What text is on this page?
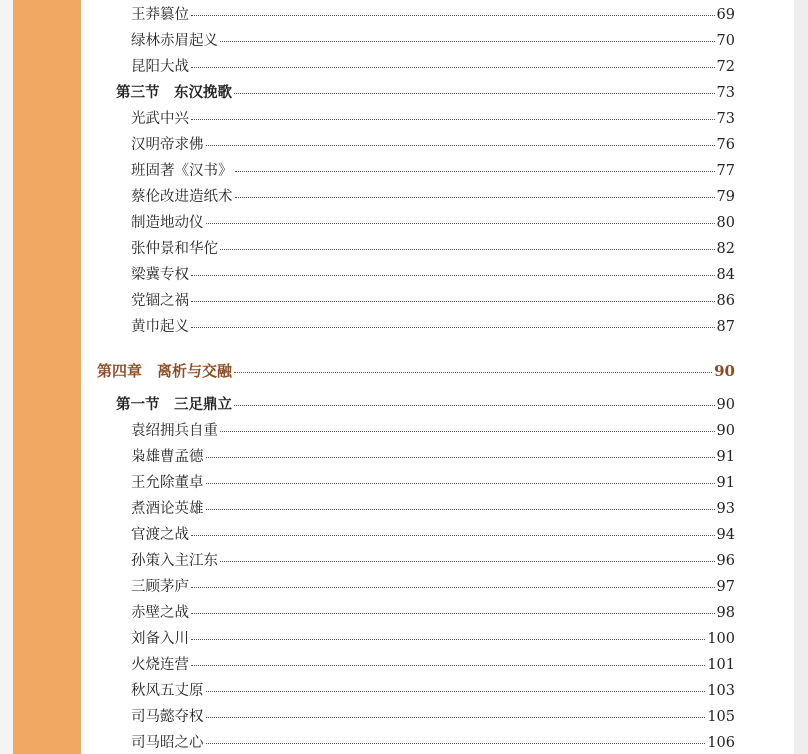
王莽篡位	69
绿林赤眉起义	70
昆阳大战	72
第三节　东汉挽歌	73
光武中兴	73
汉明帝求佛	76
班固著《汉书》	77
蔡伦改进造纸术	79
制造地动仪	80
张仲景和华佗	82
梁冀专权	84
党锢之祸	86
黄巾起义	87
第四章　离析与交融	90
第一节　三足鼎立	90
袁绍拥兵自重	90
枭雄曹孟德	91
王允除董卓	91
煮酒论英雄	93
官渡之战	94
孙策入主江东	96
三顾茅庐	97
赤壁之战	98
刘备入川	100
火烧连营	101
秋风五丈原	103
司马懿夺权	105
司马昭之心	106
